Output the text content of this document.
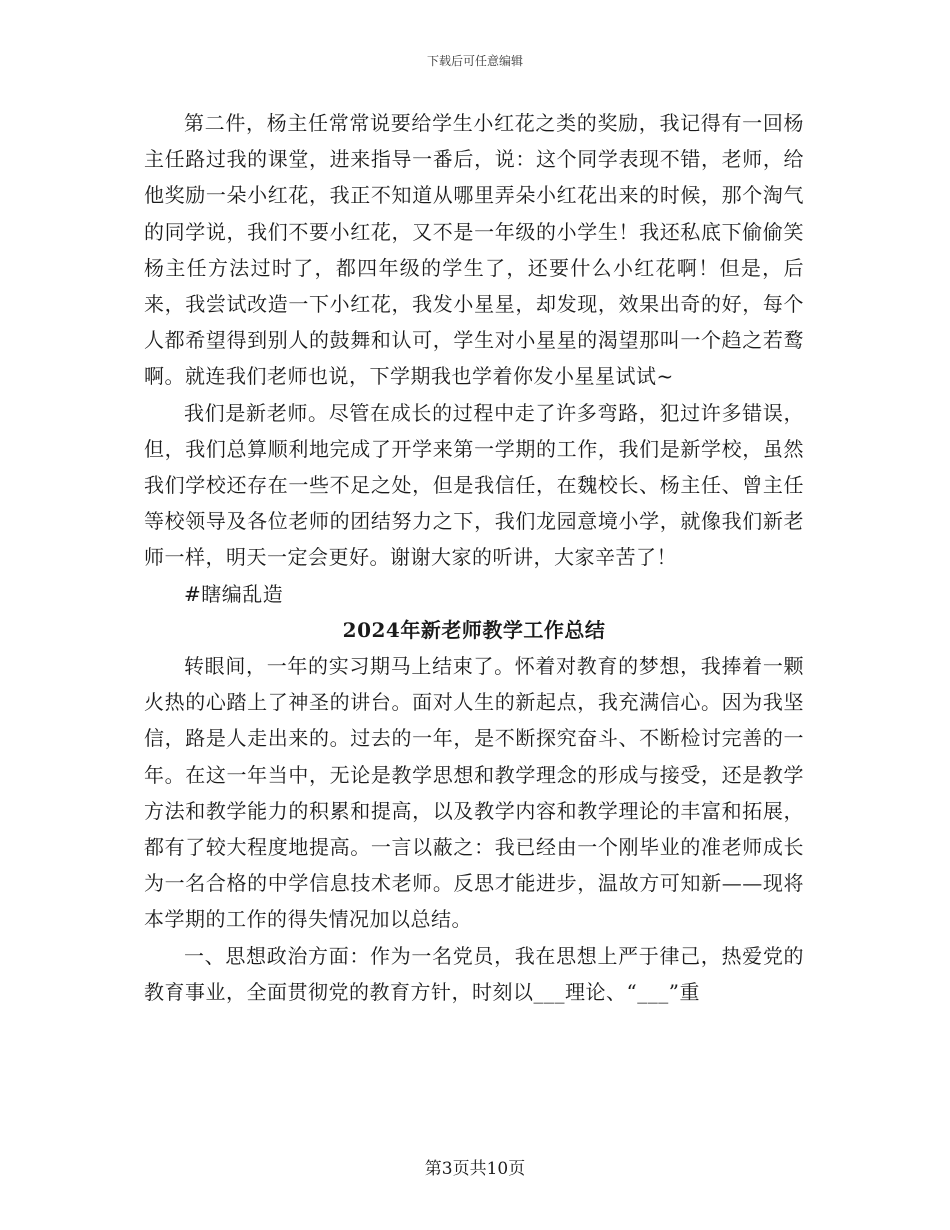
下载后可任意编辑

第二件，杨主任常常说要给学生小红花之类的奖励，我记得有一回杨主任路过我的课堂，进来指导一番后，说：这个同学表现不错，老师，给他奖励一朵小红花，我正不知道从哪里弄朵小红花出来的时候，那个淘气的同学说，我们不要小红花，又不是一年级的小学生！我还私底下偷偷笑杨主任方法过时了，都四年级的学生了，还要什么小红花啊！但是，后来，我尝试改造一下小红花，我发小星星，却发现，效果出奇的好，每个人都希望得到别人的鼓舞和认可，学生对小星星的渴望那叫一个趋之若鹜啊。就连我们老师也说，下学期我也学着你发小星星试试~

我们是新老师。尽管在成长的过程中走了许多弯路，犯过许多错误，但，我们总算顺利地完成了开学来第一学期的工作，我们是新学校，虽然我们学校还存在一些不足之处，但是我信任，在魏校长、杨主任、曾主任等校领导及各位老师的团结努力之下，我们龙园意境小学，就像我们新老师一样，明天一定会更好。谢谢大家的听讲，大家辛苦了！

#瞎编乱造

2024年新老师教学工作总结

转眼间，一年的实习期马上结束了。怀着对教育的梦想，我捧着一颗火热的心踏上了神圣的讲台。面对人生的新起点，我充满信心。因为我坚信，路是人走出来的。过去的一年，是不断探究奋斗、不断检讨完善的一年。在这一年当中，无论是教学思想和教学理念的形成与接受，还是教学方法和教学能力的积累和提高，以及教学内容和教学理论的丰富和拓展，都有了较大程度地提高。一言以蔽之：我已经由一个刚毕业的准老师成长为一名合格的中学信息技术老师。反思才能进步，温故方可知新——现将本学期的工作的得失情况加以总结。

一、思想政治方面：作为一名党员，我在思想上严于律己，热爱党的教育事业，全面贯彻党的教育方针，时刻以___理论、“___”重

第3页共10页
